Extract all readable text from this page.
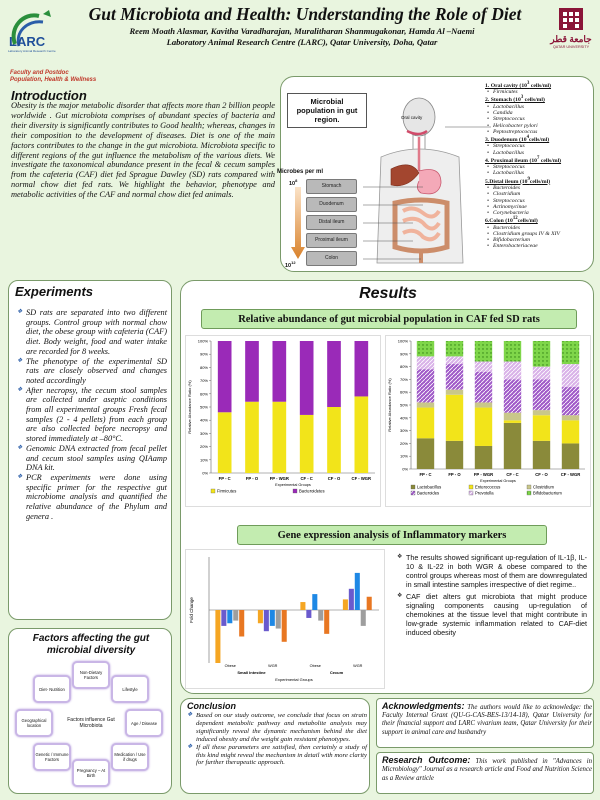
LARC
Laboratory Animal Research Centre
Gut Microbiota and Health: Understanding the Role of Diet
Reem Moath Alasmar, Kavitha Varadharajan, Muralitharan Shanmugakonar, Hamda Al –Naemi
Laboratory Animal Research Centre (LARC), Qatar University, Doha, Qatar	جامعة قطر
QATAR UNIVERSITY
Faculty and Postdoc
Population, Health & Wellness
Introduction
Obesity is the major metabolic disorder that affects more than 2 billion people worldwide . Gut microbiota comprises of abundant species of bacteria and their diversity is significantly contributes to Good health; whereas, changes in their composition to the development of diseases. Diet is one of the main factors contributes to the change in the gut microbiota. Microbiota specific to different regions of the gut influence the metabolism of the various diets. We investigate the taxonomical abundance present in the fecal & cecum samples from the cafeteria (CAF) diet fed Sprague Dawley (SD) rats compared with normal chow diet fed rats. We highlight the behavior, phenotype and metabolic activities of the CAF and normal chow diet fed animals.
Microbial population in gut region.
Microbes per ml
$10^8$
$10^{12}$
Stomach
Duodenum
Distal ileum
Proximal ileum
Colon
Oral cavity
1. Oral cavity ($10^3$ cells/ml)
• Firmicutes
2. Stomach ($10^3$ cells/ml)
• Lactobacillus
• Candida
• Streptococcus
• Helicobacter pylori
• Peptostreptococcus
3. Duodenum $(10^4cells/ml)$
• Streptococcus
• Lactobacillus
4. Proximal ileum ($10^7$ cells/ml)
• Streptococcus
• Lactobacillus
5.Distal ileum $(10^9cells/ml)$
• Bacteroides
• Clostridium
• Streptococcus
• Actinomycinae
• Corynebacteria
6.Colon $(10^{12}cells/ml)$
• Bacteroides
• Clostridium groups IV & XIV
• Bifidobacterium
• Enterobacteriaceae
Experiments
❖ SD rats are separated into two different groups. Control group with normal chow diet, the obese group with cafeteria (CAF) diet. Body weight, food and water intake are recorded for 8 weeks.
❖ The phenotype of the experimental SD rats are closely observed and changes noted accordingly
❖ After necropsy, the cecum stool samples are collected under aseptic conditions from all experimental groups Fresh fecal samples (2 - 4 pellets) from each group are also collected before necropsy and stored immediately at –80°C.
❖ Genomic DNA extracted from fecal pellet and cecum stool samples using QIAamp DNA kit.
❖ PCR experiments were done using specific primer for the respective gut microbiome analysis and quantified the relative abundance of the Phylum and genera .
Factors affecting the gut microbial diversity
Factors influence Gut Microbiota
Non-Dietary Factors
Lifestyle
Age / Disease
Medication / Use if drugs
Pregnancy – At Birth
Genetic / Immune Factors
Geographical location
Diet- Nutrition
Results
Relative abundance of gut microbial population in CAF fed SD rats
0%
10%
20%
30%
40%
50%
60%
70%
80%
90%
100%
Relative Abundance Ratio (%)
FP - C	FP - O	FP - WGR	CF - C	CF - O	CF - WGR
Experimental Groups
Firmicutes	Bacteroidetes
0%
10%
20%
30%
40%
50%
60%
70%
80%
90%
100%
Relative Abundance Ratio (%)
FP - C	FP - O	FP - WGR	CF - C	CF - O	CF - WGR
Experimental Groups
Lactobacillus	Enterococcus	Clostridium
Bacteroides	Prevotella	Bifidobacterium
Gene expression analysis of Inflammatory markers
Fold Change
Obese	WGR	Obese	WGR
Small Intestine	Cecum
Experimental Groups
❖ The results showed significant up-regulation of IL-1β, IL-10 & IL-22 in both WGR & obese compared to the control groups whereas most of them are downregulated in small intestine samples irrespective of diet regime..
❖ CAF diet alters gut microbiota that might produce signaling components causing up-regulation of chemokines at the tissue level that might contribute in low-grade systemic inflammation related to CAF-diet induced obesity
Conclusion
❖ Based on our study outcome, we conclude that focus on strain dependent metabolic pathway and metabolite analysis may significantly reveal the dynamic mechanism behind the diet induced obesity and the weight gain resistant phenotypes.
❖ If all these parameters are satisfied, then certainly a study of this kind might reveal the mechanism in detail with more clarity for further therapeutic approach.
Acknowledgments: The authors would like to acknowledge: the Faculty Internal Grant (QU-G-CAS-BES-13/14-18), Qatar University for their financial support and LARC vivarium team, Qatar University for their support in animal care and husbandry
Research Outcome: This work published in "Advances in Microbiology" Journal as a research article and Food and Nutrition Science as a Review article
